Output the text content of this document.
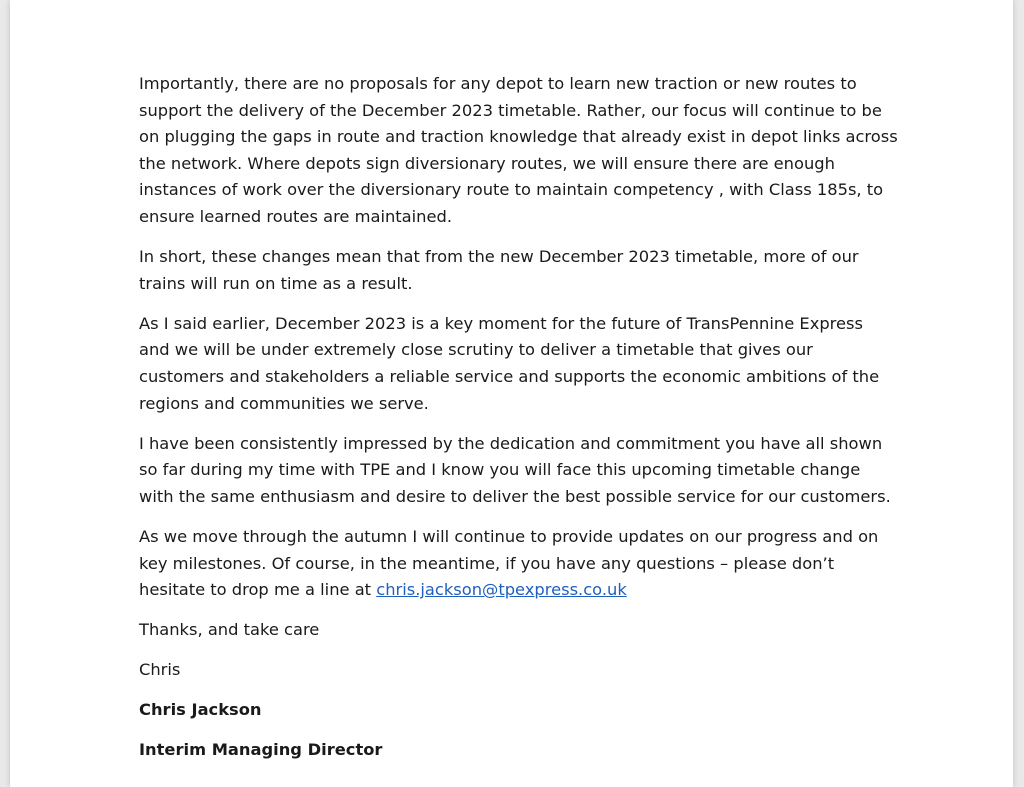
Importantly, there are no proposals for any depot to learn new traction or new routes to
support the delivery of the December 2023 timetable. Rather, our focus will continue to be
on plugging the gaps in route and traction knowledge that already exist in depot links across
the network. Where depots sign diversionary routes, we will ensure there are enough
instances of work over the diversionary route to maintain competency , with Class 185s, to
ensure learned routes are maintained.

In short, these changes mean that from the new December 2023 timetable, more of our
trains will run on time as a result.

As I said earlier, December 2023 is a key moment for the future of TransPennine Express
and we will be under extremely close scrutiny to deliver a timetable that gives our
customers and stakeholders a reliable service and supports the economic ambitions of the
regions and communities we serve.

I have been consistently impressed by the dedication and commitment you have all shown
so far during my time with TPE and I know you will face this upcoming timetable change
with the same enthusiasm and desire to deliver the best possible service for our customers.

As we move through the autumn I will continue to provide updates on our progress and on
key milestones. Of course, in the meantime, if you have any questions – please don’t
hesitate to drop me a line at chris.jackson@tpexpress.co.uk

Thanks, and take care

Chris

Chris Jackson

Interim Managing Director
